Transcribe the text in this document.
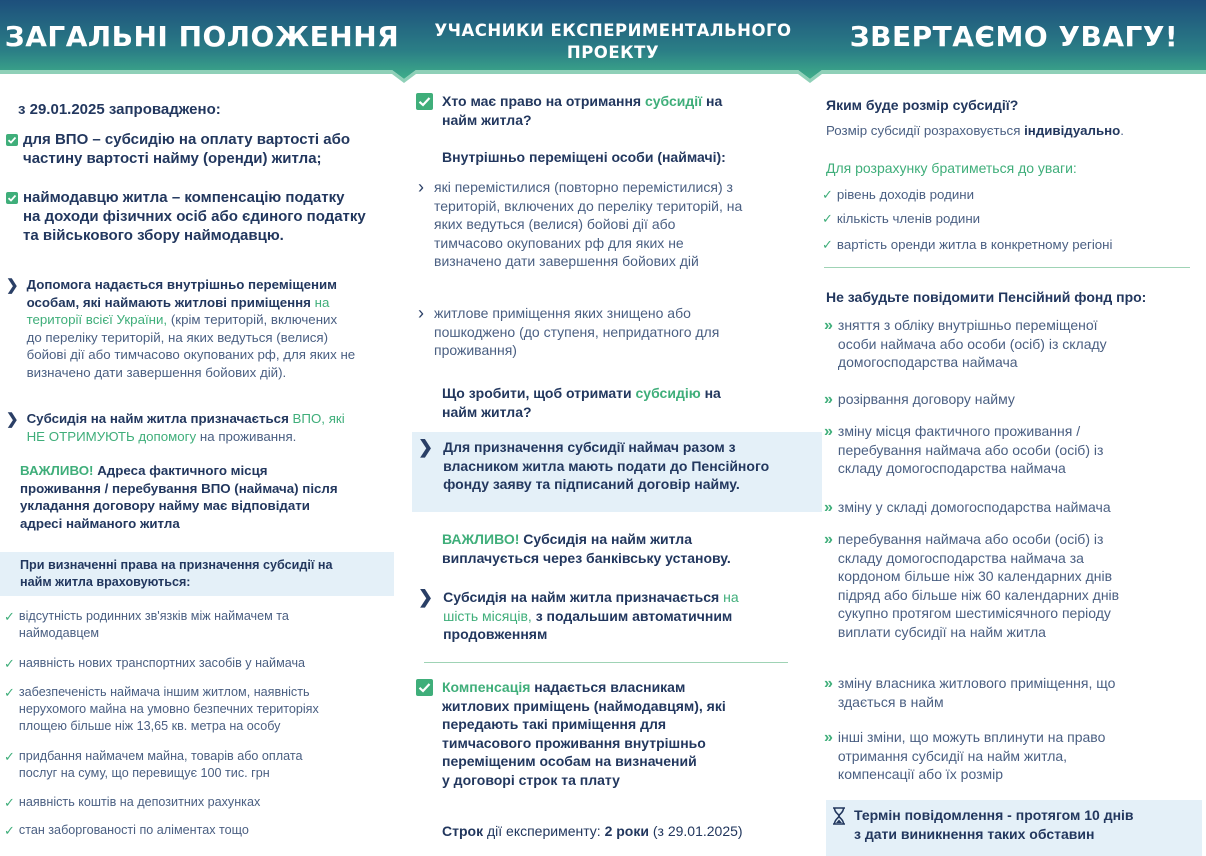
ЗАГАЛЬНІ ПОЛОЖЕННЯ	УЧАСНИКИ ЕКСПЕРИМЕНТАЛЬНОГО
ПРОЕКТУ	ЗВЕРТАЄМО УВАГУ!
з 29.01.2025 запроваджено:
для ВПО – субсидію на оплату вартості або
частину вартості найму (оренди) житла;
наймодавцю житла – компенсацію податку
на доходи фізичних осіб або єдиного податку
та військового збору наймодавцю.
❯ Допомога надається внутрішньо переміщеним
особам, які наймають житлові приміщення на
території всієї України, (крім територій, включених
до переліку територій, на яких ведуться (велися)
бойові дії або тимчасово окупованих рф, для яких не
визначено дати завершення бойових дій).
❯ Субсидія на найм житла призначається ВПО, які
НЕ ОТРИМУЮТЬ допомогу на проживання.
ВАЖЛИВО! Адреса фактичного місця
проживання / перебування ВПО (наймача) після
укладання договору найму має відповідати
адресі найманого житла
При визначенні права на призначення субсидії на
найм житла враховуються:
✓ відсутність родинних зв'язків між наймачем та
наймодавцем
✓ наявність нових транспортних засобів у наймача
✓ забезпеченість наймача іншим житлом, наявність
нерухомого майна на умовно безпечних територіях
площею більше ніж 13,65 кв. метра на особу
✓ придбання наймачем майна, товарів або оплата
послуг на суму, що перевищує 100 тис. грн
✓ наявність коштів на депозитних рахунках
✓ стан заборгованості по аліментах тощо
Хто має право на отримання субсидії на
найм житла?
Внутрішньо переміщені особи (наймачі):
› які перемістилися (повторно перемістилися) з
територій, включених до переліку територій, на
яких ведуться (велися) бойові дії або
тимчасово окупованих рф для яких не
визначено дати завершення бойових дій
› житлове приміщення яких знищено або
пошкоджено (до ступеня, непридатного для
проживання)
Що зробити, щоб отримати субсидію на
найм житла?
❯ Для призначення субсидії наймач разом з
власником житла мають подати до Пенсійного
фонду заяву та підписаний договір найму.
ВАЖЛИВО! Субсидія на найм житла
виплачується через банківську установу.
❯ Субсидія на найм житла призначається на
шість місяців, з подальшим автоматичним
продовженням
Компенсація надається власникам
житлових приміщень (наймодавцям), які
передають такі приміщення для
тимчасового проживання внутрішньо
переміщеним особам на визначений
у договорі строк та плату
Строк дії експерименту: 2 роки (з 29.01.2025)
Яким буде розмір субсидії?
Розмір субсидії розраховується індивідуально.
Для розрахунку братиметься до уваги:
✓ рівень доходів родини
✓ кількість членів родини
✓ вартість оренди житла в конкретному регіоні
Не забудьте повідомити Пенсійний фонд про:
» зняття з обліку внутрішньо переміщеної
особи наймача або особи (осіб) із складу
домогосподарства наймача
» розірвання договору найму
» зміну місця фактичного проживання /
перебування наймача або особи (осіб) із
складу домогосподарства наймача
» зміну у складі домогосподарства наймача
» перебування наймача або особи (осіб) із
складу домогосподарства наймача за
кордоном більше ніж 30 календарних днів
підряд або більше ніж 60 календарних днів
сукупно протягом шестимісячного періоду
виплати субсидії на найм житла
» зміну власника житлового приміщення, що
здається в найм
» інші зміни, що можуть вплинути на право
отримання субсидії на найм житла,
компенсації або їх розмір
Термін повідомлення - протягом 10 днів
з дати виникнення таких обставин
